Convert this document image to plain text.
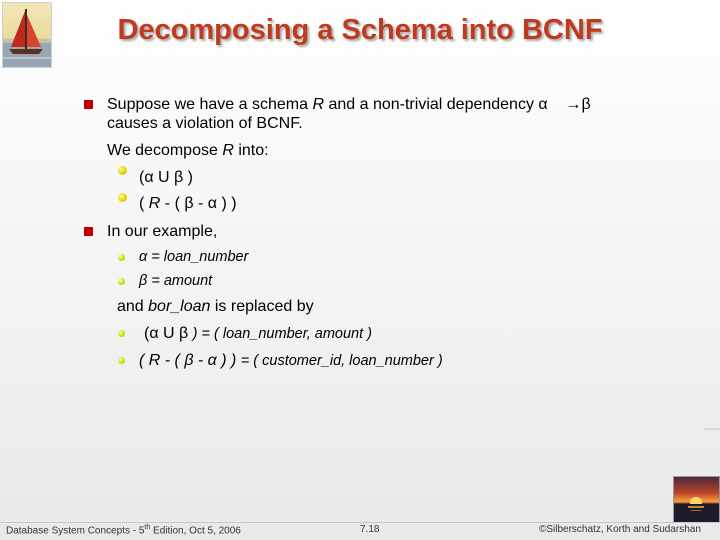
Decomposing a Schema into BCNF
Suppose we have a schema R and a non-trivial dependency α →β
causes a violation of BCNF.
We decompose R into:
(α U β )
( R - ( β - α ) )
In our example,
α = loan_number
β = amount
and bor_loan is replaced by
(α U β ) = ( loan_number, amount )
( R - ( β - α ) ) = ( customer_id, loan_number )
Database System Concepts - 5th Edition, Oct 5, 2006	7.18	©Silberschatz, Korth and Sudarshan
